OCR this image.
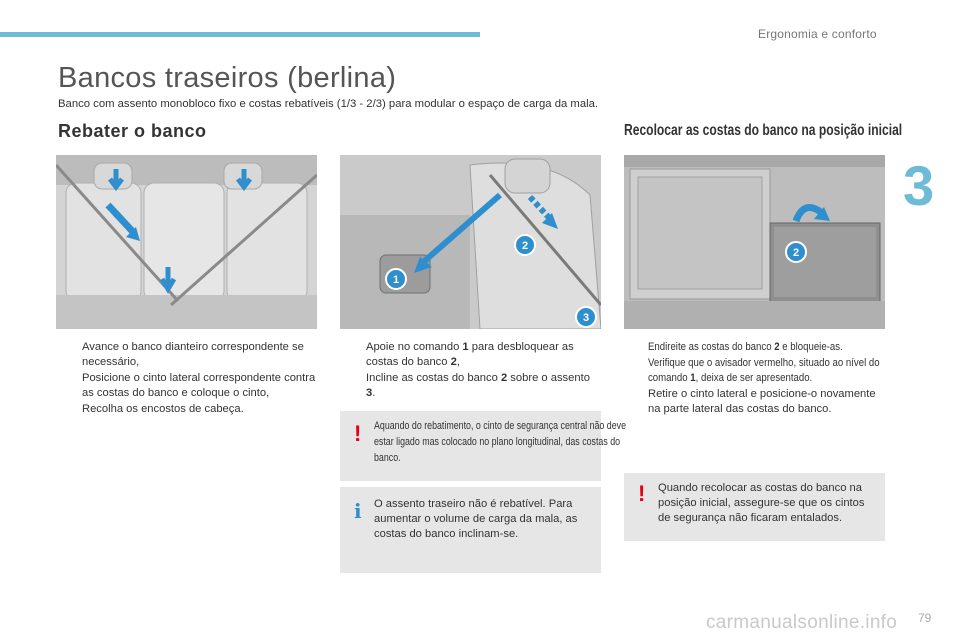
Ergonomia e conforto
3
Bancos traseiros (berlina)

Banco com assento monobloco fixo e costas rebatíveis (1/3 - 2/3) para modular o espaço de carga da mala.

Rebater o banco	Recolocar as costas do banco na posição inicial
1
2
3
2
Avance o banco dianteiro correspondente se necessário,
Posicione o cinto lateral correspondente contra as costas do banco e coloque o cinto,
Recolha os encostos de cabeça.
Apoie no comando 1 para desbloquear as costas do banco 2,
Incline as costas do banco 2 sobre o assento 3.
! Aquando do rebatimento, o cinto de segurança central não deve estar ligado mas colocado no plano longitudinal, das costas do banco.
i O assento traseiro não é rebatível. Para aumentar o volume de carga da mala, as costas do banco inclinam-se.
Endireite as costas do banco 2 e bloqueie-as.
Verifique que o avisador vermelho, situado ao nível do comando 1, deixa de ser apresentado.
Retire o cinto lateral e posicione-o novamente na parte lateral das costas do banco.
! Quando recolocar as costas do banco na posição inicial, assegure-se que os cintos de segurança não ficaram entalados.
79
carmanualsonline.info
